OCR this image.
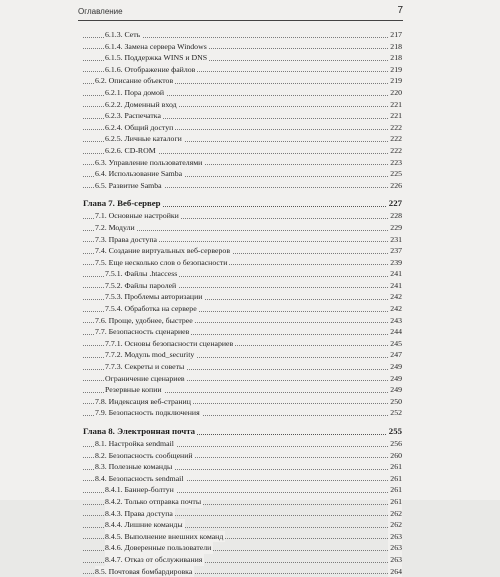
Оглавление	7
6.1.3. Сеть	217
6.1.4. Замена сервера Windows	218
6.1.5. Поддержка WINS и DNS	218
6.1.6. Отображение файлов	219
6.2. Описание объектов	219
6.2.1. Пора домой	220
6.2.2. Доменный вход	221
6.2.3. Распечатка	221
6.2.4. Общий доступ	222
6.2.5. Личные каталоги	222
6.2.6. CD-ROM	222
6.3. Управление пользователями	223
6.4. Использование Samba	225
6.5. Развитие Samba	226
Глава 7. Веб-сервер	227
7.1. Основные настройки	228
7.2. Модули	229
7.3. Права доступа	231
7.4. Создание виртуальных веб-серверов	237
7.5. Еще несколько слов о безопасности	239
7.5.1. Файлы .htaccess	241
7.5.2. Файлы паролей	241
7.5.3. Проблемы авторизации	242
7.5.4. Обработка на сервере	242
7.6. Проще, удобнее, быстрее	243
7.7. Безопасность сценариев	244
7.7.1. Основы безопасности сценариев	245
7.7.2. Модуль mod_security	247
7.7.3. Секреты и советы	249
Ограничение сценариев	249
Резервные копии	249
7.8. Индексация веб-страниц	250
7.9. Безопасность подключения	252
Глава 8. Электронная почта	255
8.1. Настройка sendmail	256
8.2. Безопасность сообщений	260
8.3. Полезные команды	261
8.4. Безопасность sendmail	261
8.4.1. Баннер-болтун	261
8.4.2. Только отправка почты	261
8.4.3. Права доступа	262
8.4.4. Лишние команды	262
8.4.5. Выполнение внешних команд	263
8.4.6. Доверенные пользователи	263
8.4.7. Отказ от обслуживания	263
8.5. Почтовая бомбардировка	264
